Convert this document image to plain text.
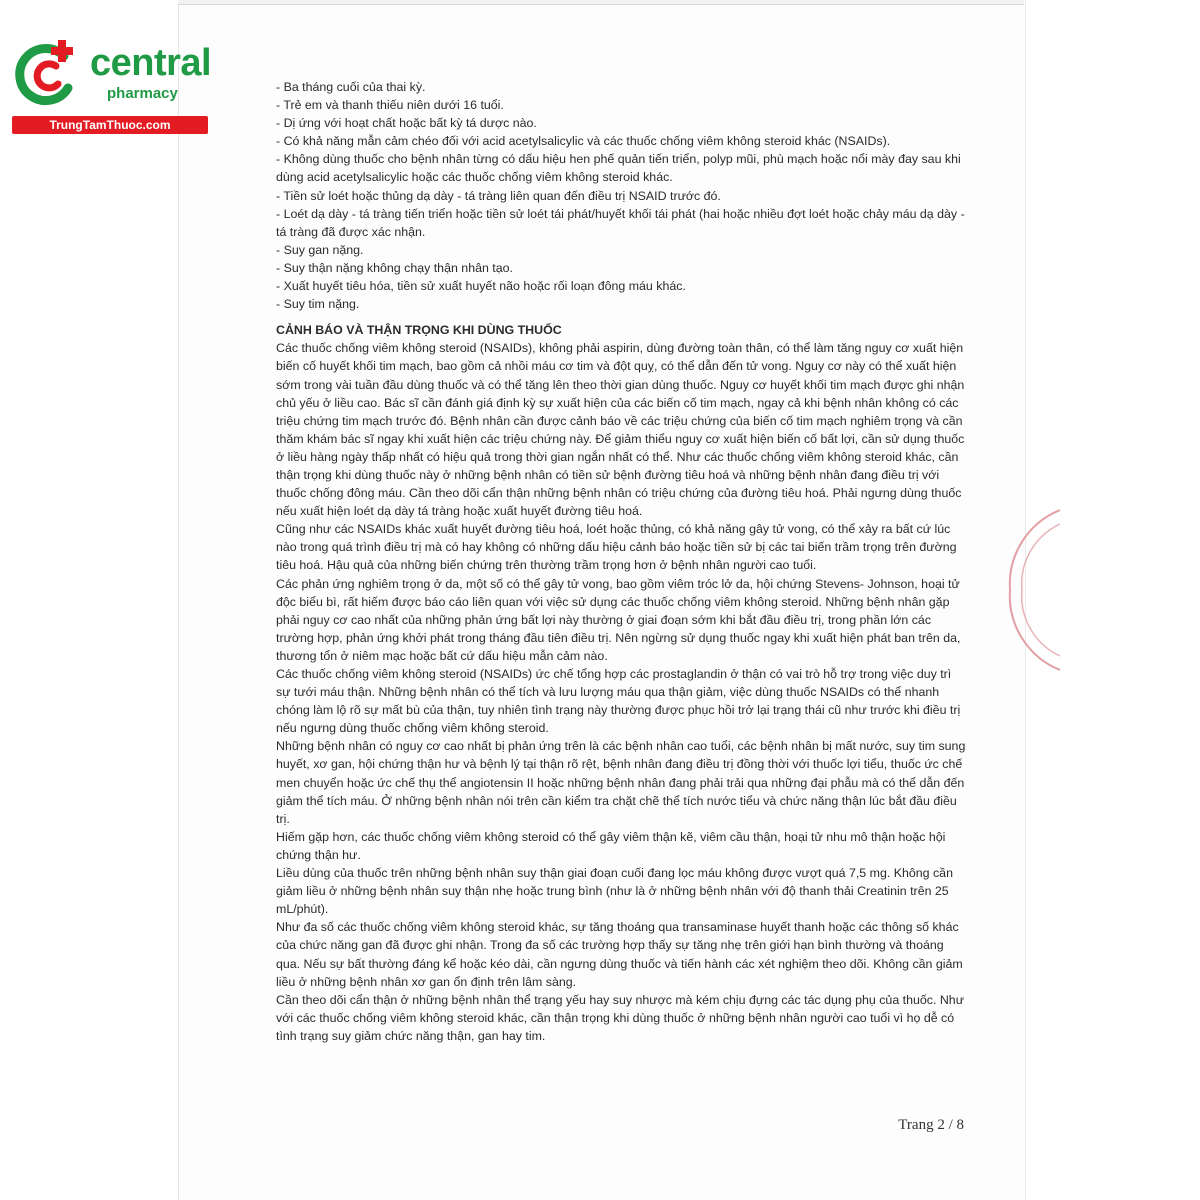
central
pharmacy
TrungTamThuoc.com

- Ba tháng cuối của thai kỳ.

- Trẻ em và thanh thiếu niên dưới 16 tuổi.

- Dị ứng với hoạt chất hoặc bất kỳ tá dược nào.

- Có khả năng mẫn cảm chéo đối với acid acetylsalicylic và các thuốc chống viêm không steroid khác (NSAIDs).

- Không dùng thuốc cho bệnh nhân từng có dấu hiệu hen phế quản tiến triển, polyp mũi, phù mạch hoặc nổi mày đay sau khi dùng acid acetylsalicylic hoặc các thuốc chống viêm không steroid khác.

- Tiền sử loét hoặc thủng dạ dày - tá tràng liên quan đến điều trị NSAID trước đó.

- Loét dạ dày - tá tràng tiến triển hoặc tiền sử loét tái phát/huyết khối tái phát (hai hoặc nhiều đợt loét hoặc chảy máu dạ dày - tá tràng đã được xác nhận.

- Suy gan nặng.

- Suy thận nặng không chạy thận nhân tạo.

- Xuất huyết tiêu hóa, tiền sử xuất huyết não hoặc rối loạn đông máu khác.

- Suy tim nặng.

CẢNH BÁO VÀ THẬN TRỌNG KHI DÙNG THUỐC

Các thuốc chống viêm không steroid (NSAIDs), không phải aspirin, dùng đường toàn thân, có thể làm tăng nguy cơ xuất hiện biến cố huyết khối tim mạch, bao gồm cả nhồi máu cơ tim và đột quỵ, có thể dẫn đến tử vong. Nguy cơ này có thể xuất hiện sớm trong vài tuần đầu dùng thuốc và có thể tăng lên theo thời gian dùng thuốc. Nguy cơ huyết khối tim mạch được ghi nhận chủ yếu ở liều cao. Bác sĩ cần đánh giá định kỳ sự xuất hiện của các biến cố tim mạch, ngay cả khi bệnh nhân không có các triệu chứng tim mạch trước đó. Bệnh nhân cần được cảnh báo về các triệu chứng của biến cố tim mạch nghiêm trọng và cần thăm khám bác sĩ ngay khi xuất hiện các triệu chứng này. Để giảm thiểu nguy cơ xuất hiện biến cố bất lợi, cần sử dụng thuốc ở liều hàng ngày thấp nhất có hiệu quả trong thời gian ngắn nhất có thể. Như các thuốc chống viêm không steroid khác, cần thận trọng khi dùng thuốc này ở những bệnh nhân có tiền sử bệnh đường tiêu hoá và những bệnh nhân đang điều trị với thuốc chống đông máu. Cần theo dõi cẩn thận những bệnh nhân có triệu chứng của đường tiêu hoá. Phải ngưng dùng thuốc nếu xuất hiện loét dạ dày tá tràng hoặc xuất huyết đường tiêu hoá.

Cũng như các NSAIDs khác xuất huyết đường tiêu hoá, loét hoặc thủng, có khả năng gây tử vong, có thể xảy ra bất cứ lúc nào trong quá trình điều trị mà có hay không có những dấu hiệu cảnh báo hoặc tiền sử bị các tai biến trầm trọng trên đường tiêu hoá. Hậu quả của những biến chứng trên thường trầm trọng hơn ở bệnh nhân người cao tuổi.

Các phản ứng nghiêm trọng ở da, một số có thể gây tử vong, bao gồm viêm tróc lở da, hội chứng Stevens- Johnson, hoại tử độc biểu bì, rất hiếm được báo cáo liên quan với việc sử dụng các thuốc chống viêm không steroid. Những bệnh nhân gặp phải nguy cơ cao nhất của những phản ứng bất lợi này thường ở giai đoạn sớm khi bắt đầu điều trị, trong phần lớn các trường hợp, phản ứng khởi phát trong tháng đầu tiên điều trị. Nên ngừng sử dụng thuốc ngay khi xuất hiện phát ban trên da, thương tổn ở niêm mạc hoặc bất cứ dấu hiệu mẫn cảm nào.

Các thuốc chống viêm không steroid (NSAIDs) ức chế tổng hợp các prostaglandin ở thận có vai trò hỗ trợ trong việc duy trì sự tưới máu thận. Những bệnh nhân có thể tích và lưu lượng máu qua thận giảm, việc dùng thuốc NSAIDs có thể nhanh chóng làm lộ rõ sự mất bù của thận, tuy nhiên tình trạng này thường được phục hồi trở lại trạng thái cũ như trước khi điều trị nếu ngưng dùng thuốc chống viêm không steroid.

Những bệnh nhân có nguy cơ cao nhất bị phản ứng trên là các bệnh nhân cao tuổi, các bệnh nhân bị mất nước, suy tim sung huyết, xơ gan, hội chứng thận hư và bệnh lý tại thận rõ rệt, bệnh nhân đang điều trị đồng thời với thuốc lợi tiểu, thuốc ức chế men chuyển hoặc ức chế thụ thể angiotensin II hoặc những bệnh nhân đang phải trải qua những đại phẫu mà có thể dẫn đến giảm thể tích máu. Ở những bệnh nhân nói trên cần kiểm tra chặt chẽ thể tích nước tiểu và chức năng thận lúc bắt đầu điều trị.

Hiếm gặp hơn, các thuốc chống viêm không steroid có thể gây viêm thận kẽ, viêm cầu thận, hoại tử nhu mô thận hoặc hội chứng thận hư.

Liều dùng của thuốc trên những bệnh nhân suy thận giai đoạn cuối đang lọc máu không được vượt quá 7,5 mg. Không cần giảm liều ở những bệnh nhân suy thận nhẹ hoặc trung bình (như là ở những bệnh nhân với độ thanh thải Creatinin trên 25 mL/phút).

Như đa số các thuốc chống viêm không steroid khác, sự tăng thoáng qua transaminase huyết thanh hoặc các thông số khác của chức năng gan đã được ghi nhận. Trong đa số các trường hợp thấy sự tăng nhẹ trên giới hạn bình thường và thoáng qua. Nếu sự bất thường đáng kể hoặc kéo dài, cần ngưng dùng thuốc và tiến hành các xét nghiệm theo dõi. Không cần giảm liều ở những bệnh nhân xơ gan ổn định trên lâm sàng.

Cần theo dõi cẩn thận ở những bệnh nhân thể trạng yếu hay suy nhược mà kém chịu đựng các tác dụng phụ của thuốc. Như với các thuốc chống viêm không steroid khác, cần thận trọng khi dùng thuốc ở những bệnh nhân người cao tuổi vì họ dễ có tình trạng suy giảm chức năng thận, gan hay tim.

Trang 2 / 8
